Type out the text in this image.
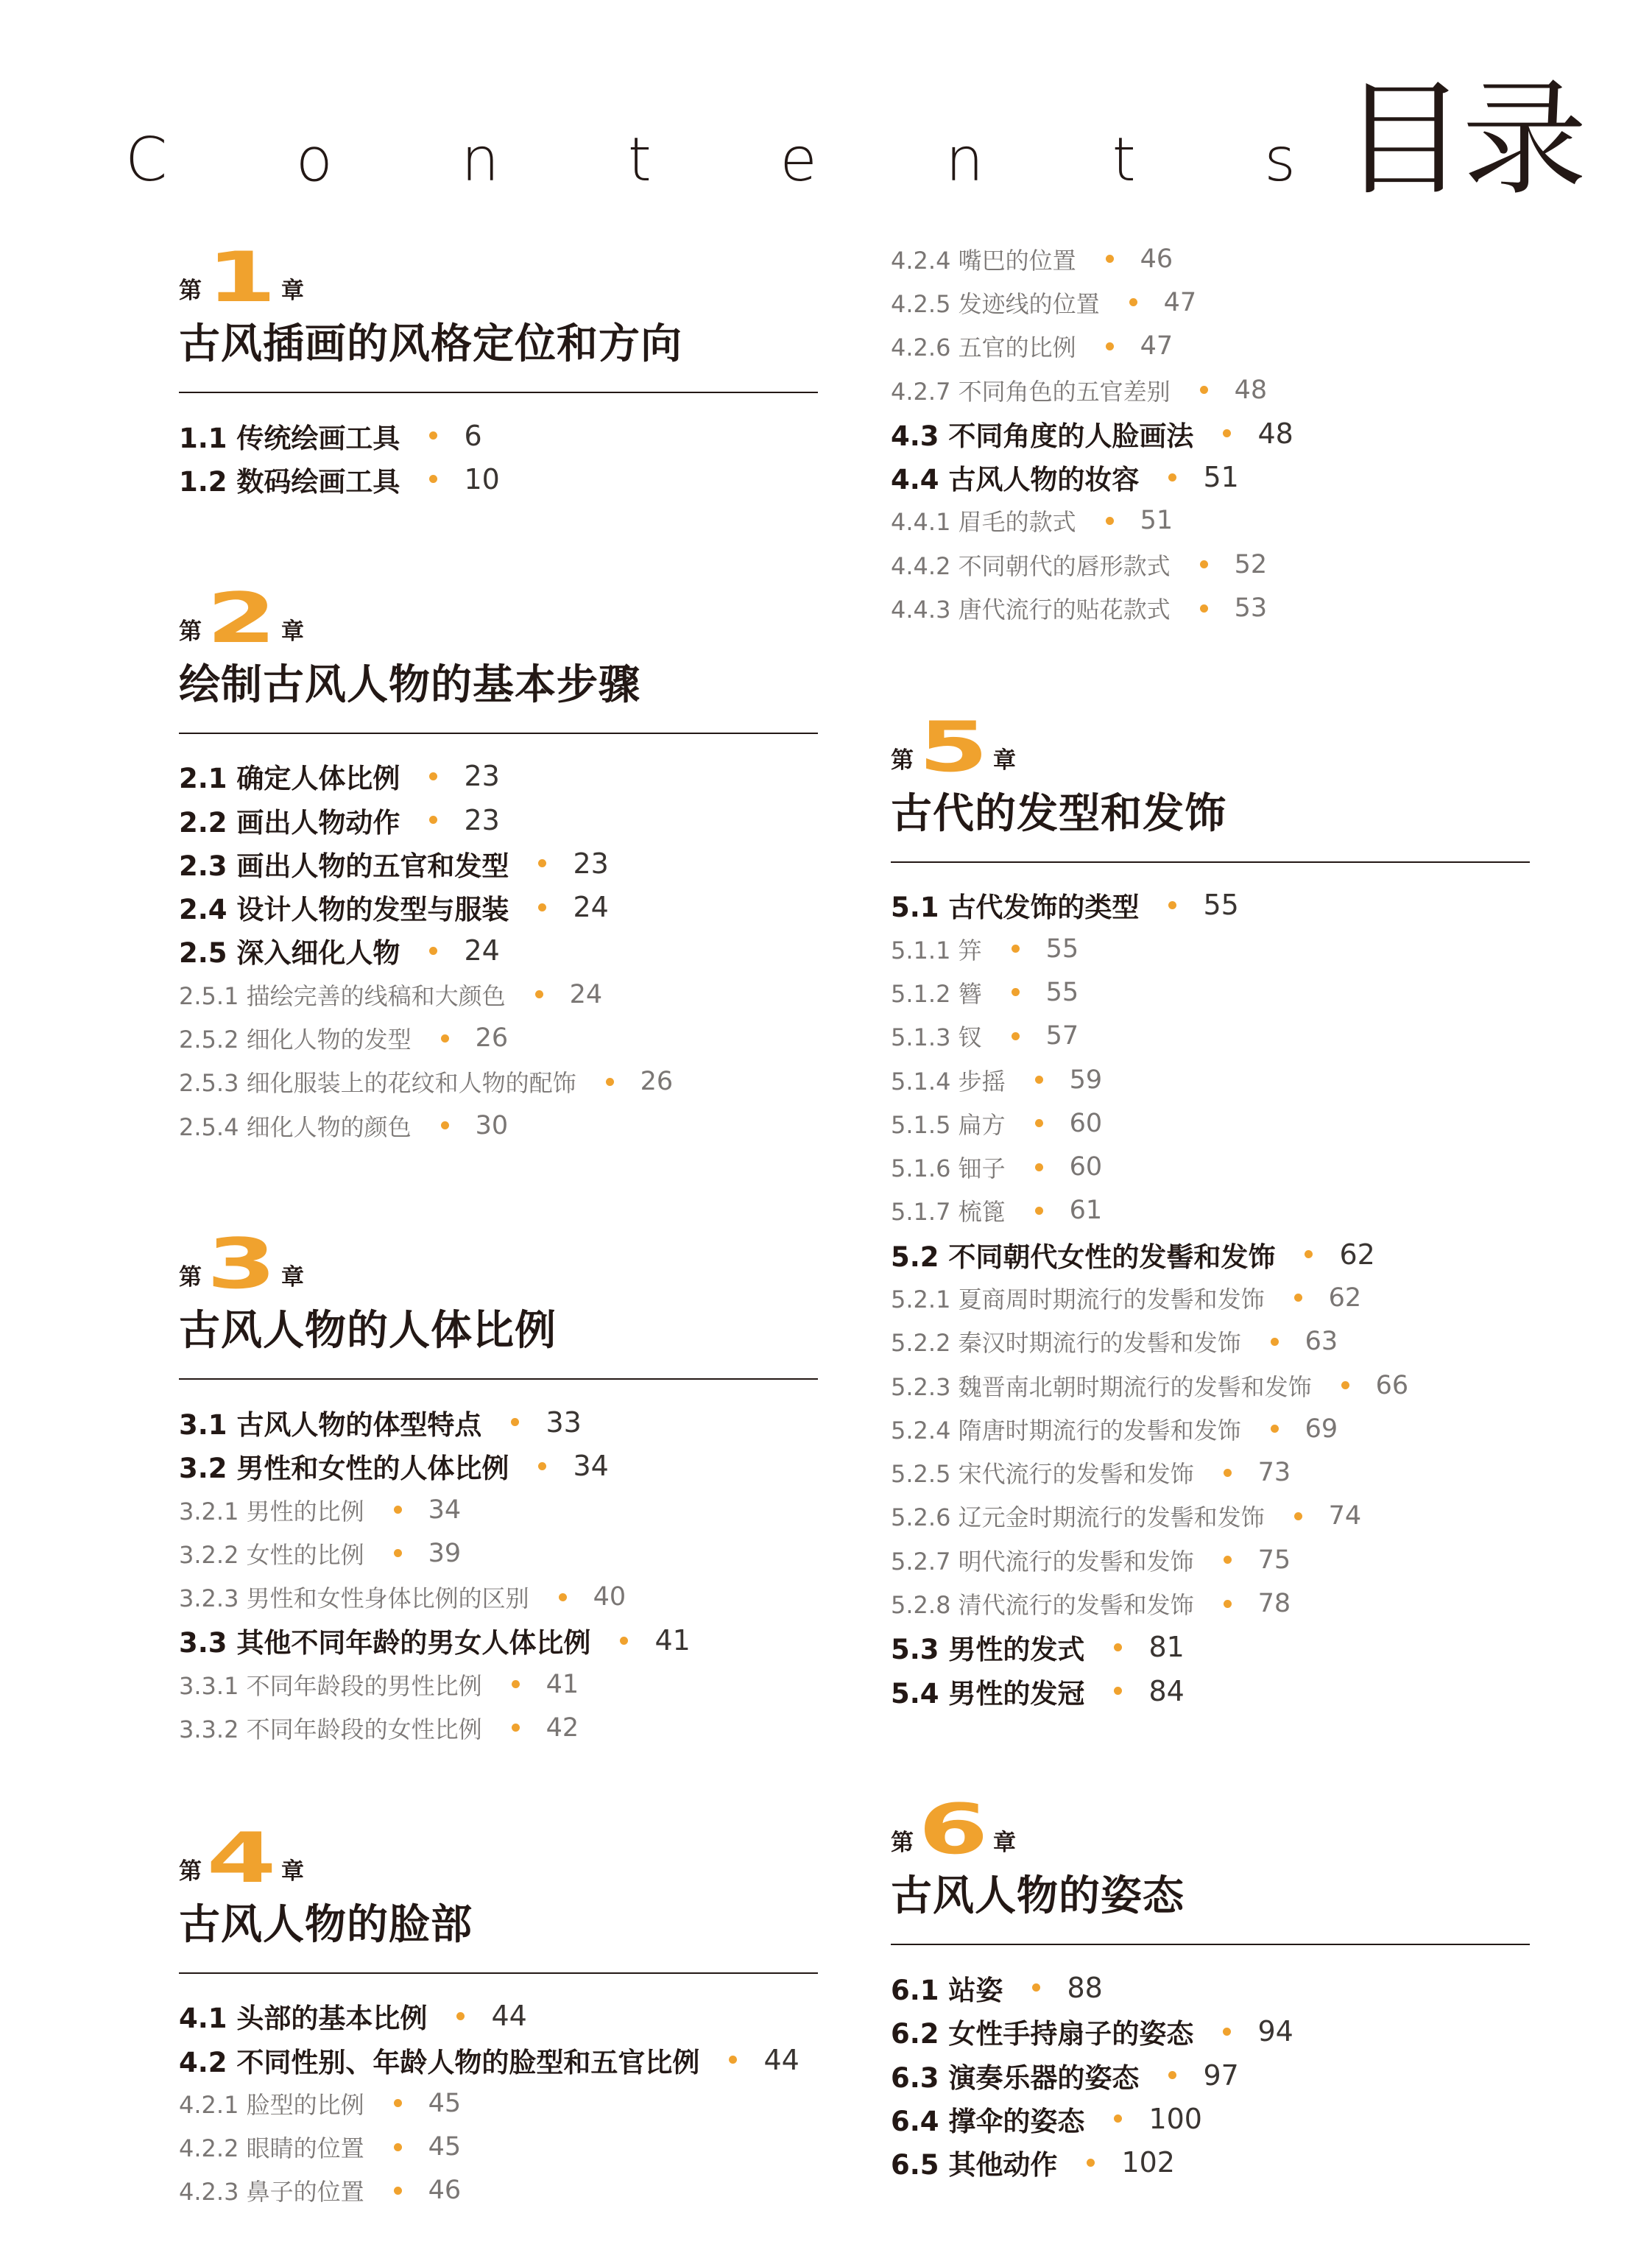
C o n t e n t s 目录
第 1 章
古风插画的风格定位和方向
1.1 传统绘画工具 6
1.2 数码绘画工具 10
第 2 章
绘制古风人物的基本步骤
2.1 确定人体比例 23
2.2 画出人物动作 23
2.3 画出人物的五官和发型 23
2.4 设计人物的发型与服装 24
2.5 深入细化人物 24
2.5.1 描绘完善的线稿和大颜色 24
2.5.2 细化人物的发型 26
2.5.3 细化服装上的花纹和人物的配饰 26
2.5.4 细化人物的颜色 30
第 3 章
古风人物的人体比例
3.1 古风人物的体型特点 33
3.2 男性和女性的人体比例 34
3.2.1 男性的比例 34
3.2.2 女性的比例 39
3.2.3 男性和女性身体比例的区别 40
3.3 其他不同年龄的男女人体比例 41
3.3.1 不同年龄段的男性比例 41
3.3.2 不同年龄段的女性比例 42
第 4 章
古风人物的脸部
4.1 头部的基本比例 44
4.2 不同性别、年龄人物的脸型和五官比例 44
4.2.1 脸型的比例 45
4.2.2 眼睛的位置 45
4.2.3 鼻子的位置 46
4.2.4 嘴巴的位置 46
4.2.5 发迹线的位置 47
4.2.6 五官的比例 47
4.2.7 不同角色的五官差别 48
4.3 不同角度的人脸画法 48
4.4 古风人物的妆容 51
4.4.1 眉毛的款式 51
4.4.2 不同朝代的唇形款式 52
4.4.3 唐代流行的贴花款式 53
第 5 章
古代的发型和发饰
5.1 古代发饰的类型 55
5.1.1 笄 55
5.1.2 簪 55
5.1.3 钗 57
5.1.4 步摇 59
5.1.5 扁方 60
5.1.6 钿子 60
5.1.7 梳篦 61
5.2 不同朝代女性的发髻和发饰 62
5.2.1 夏商周时期流行的发髻和发饰 62
5.2.2 秦汉时期流行的发髻和发饰 63
5.2.3 魏晋南北朝时期流行的发髻和发饰 66
5.2.4 隋唐时期流行的发髻和发饰 69
5.2.5 宋代流行的发髻和发饰 73
5.2.6 辽元金时期流行的发髻和发饰 74
5.2.7 明代流行的发髻和发饰 75
5.2.8 清代流行的发髻和发饰 78
5.3 男性的发式 81
5.4 男性的发冠 84
第 6 章
古风人物的姿态
6.1 站姿 88
6.2 女性手持扇子的姿态 94
6.3 演奏乐器的姿态 97
6.4 撑伞的姿态 100
6.5 其他动作 102
